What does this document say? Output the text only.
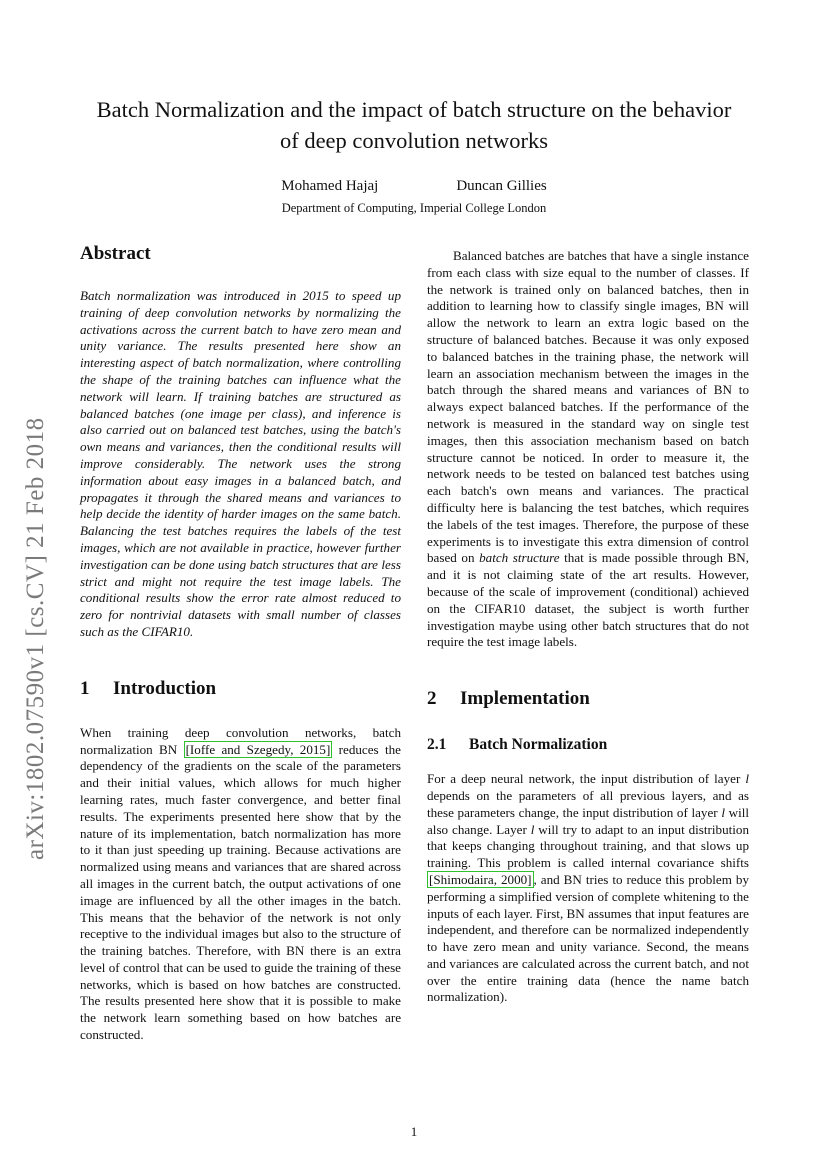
arXiv:1802.07590v1 [cs.CV] 21 Feb 2018
Batch Normalization and the impact of batch structure on the behavior of deep convolution networks
Mohamed Hajaj	Duncan Gillies
Department of Computing, Imperial College London
Abstract

Batch normalization was introduced in 2015 to speed up training of deep convolution networks by normalizing the activations across the current batch to have zero mean and unity variance. The results presented here show an interesting aspect of batch normalization, where controlling the shape of the training batches can influence what the network will learn. If training batches are structured as balanced batches (one image per class), and inference is also carried out on balanced test batches, using the batch's own means and variances, then the conditional results will improve considerably. The network uses the strong information about easy images in a balanced batch, and propagates it through the shared means and variances to help decide the identity of harder images on the same batch. Balancing the test batches requires the labels of the test images, which are not available in practice, however further investigation can be done using batch structures that are less strict and might not require the test image labels. The conditional results show the error rate almost reduced to zero for nontrivial datasets with small number of classes such as the CIFAR10.

1 Introduction

When training deep convolution networks, batch normalization BN [Ioffe and Szegedy, 2015] reduces the dependency of the gradients on the scale of the parameters and their initial values, which allows for much higher learning rates, much faster convergence, and better final results. The experiments presented here show that by the nature of its implementation, batch normalization has more to it than just speeding up training. Because activations are normalized using means and variances that are shared across all images in the current batch, the output activations of one image are influenced by all the other images in the batch. This means that the behavior of the network is not only receptive to the individual images but also to the structure of the training batches. Therefore, with BN there is an extra level of control that can be used to guide the training of these networks, which is based on how batches are constructed. The results presented here show that it is possible to make the network learn something based on how batches are constructed.

Balanced batches are batches that have a single instance from each class with size equal to the number of classes. If the network is trained only on balanced batches, then in addition to learning how to classify single images, BN will allow the network to learn an extra logic based on the structure of balanced batches. Because it was only exposed to balanced batches in the training phase, the network will learn an association mechanism between the images in the batch through the shared means and variances of BN to always expect balanced batches. If the performance of the network is measured in the standard way on single test images, then this association mechanism based on batch structure cannot be noticed. In order to measure it, the network needs to be tested on balanced test batches using each batch's own means and variances. The practical difficulty here is balancing the test batches, which requires the labels of the test images. Therefore, the purpose of these experiments is to investigate this extra dimension of control based on batch structure that is made possible through BN, and it is not claiming state of the art results. However, because of the scale of improvement (conditional) achieved on the CIFAR10 dataset, the subject is worth further investigation maybe using other batch structures that do not require the test image labels.

2 Implementation
2.1 Batch Normalization

For a deep neural network, the input distribution of layer l depends on the parameters of all previous layers, and as these parameters change, the input distribution of layer l will also change. Layer l will try to adapt to an input distribution that keeps changing throughout training, and that slows up training. This problem is called internal covariance shifts [Shimodaira, 2000] , and BN tries to reduce this problem by performing a simplified version of complete whitening to the inputs of each layer. First, BN assumes that input features are independent, and therefore can be normalized independently to have zero mean and unity variance. Second, the means and variances are calculated across the current batch, and not over the entire training data (hence the name batch normalization).

1
